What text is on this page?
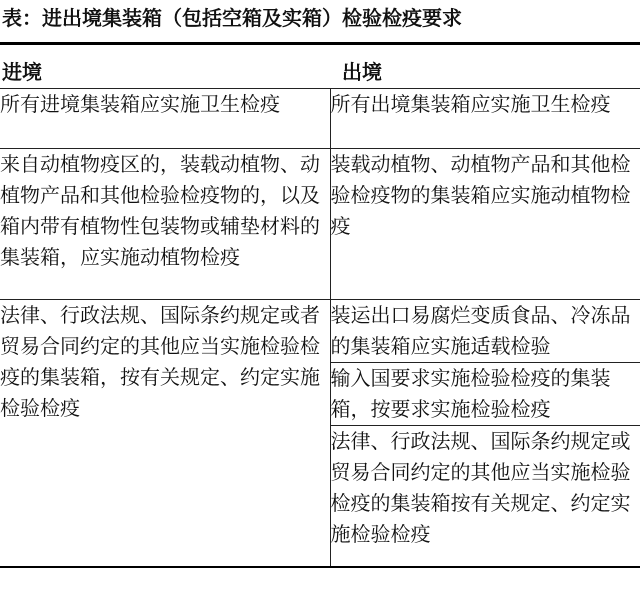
表：进出境集装箱（包括空箱及实箱）检验检疫要求
进境	出境

所有进境集装箱应实施卫生检疫	所有出境集装箱应实施卫生检疫

来自动植物疫区的，装载动植物、动植物产品和其他检验检疫物的，以及箱内带有植物性包装物或辅垫材料的集装箱，应实施动植物检疫	装载动植物、动植物产品和其他检验检疫物的集装箱应实施动植物检疫

法律、行政法规、国际条约规定或者贸易合同约定的其他应当实施检验检疫的集装箱，按有关规定、约定实施检验检疫	装运出口易腐烂变质食品、冷冻品的集装箱应实施适载检验

	输入国要求实施检验检疫的集装箱，按要求实施检验检疫

	法律、行政法规、国际条约规定或贸易合同约定的其他应当实施检验检疫的集装箱按有关规定、约定实施检验检疫
